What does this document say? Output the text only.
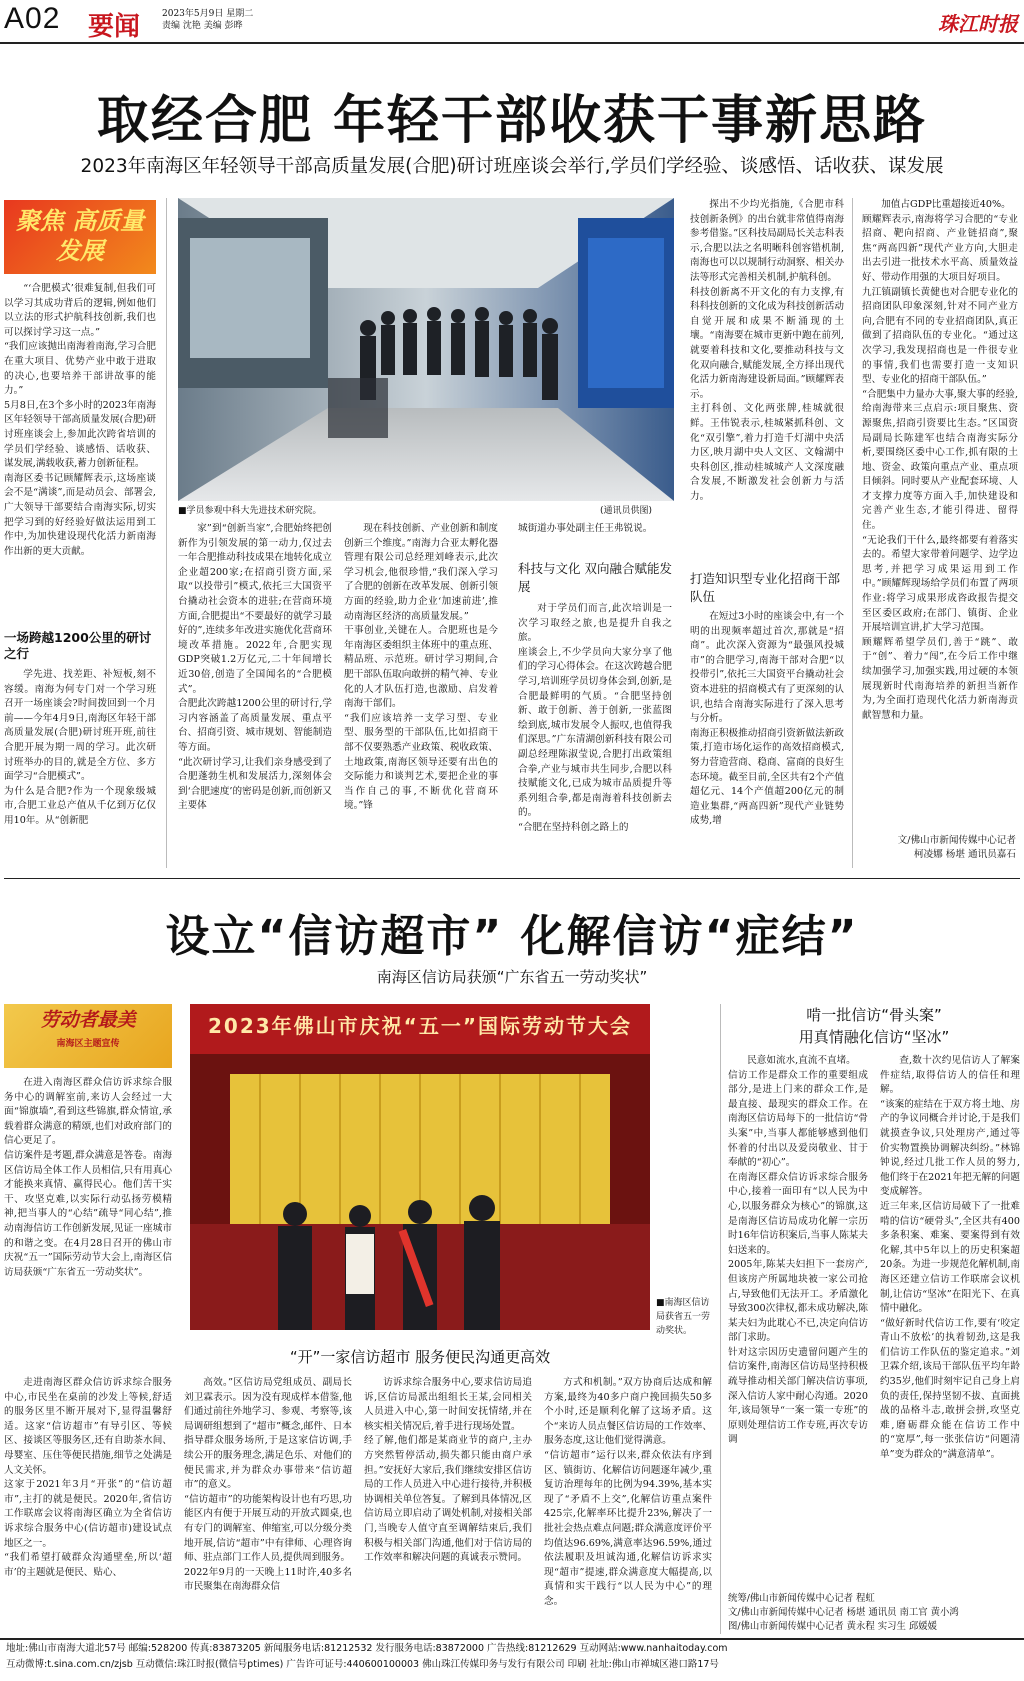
A02 要闻 2023年5月9日 星期二
责编 沈艳 美编 彭晔	珠江时报
取经合肥 年轻干部收获干事新思路
2023年南海区年轻领导干部高质量发展(合肥)研讨班座谈会举行,学员们学经验、谈感悟、话收获、谋发展
聚焦 高质量发展
■学员参观中科大先进技术研究院。	(通讯员供图)

“‘合肥模式’很难复制,但我们可以学习其成功背后的逻辑,例如他们以立法的形式护航科技创新,我们也可以探讨学习这一点。”
“我们应该抛出南海着南海,学习合肥在重大项目、优势产业中敢于进取的决心,也要培养干部讲故事的能力。”
5月8日,在3个多小时的2023年南海区年轻领导干部高质量发展(合肥)研讨班座谈会上,参加此次跨省培训的学员们学经验、谈感悟、话收获、谋发展,满载收获,蓄力创新征程。
南海区委书记顾耀辉表示,这场座谈会不是“满谈”,而是动员会、部署会,广大领导干部要结合南海实际,切实把学习到的好经验好做法运用到工作中,为加快建设现代化活力新南海作出新的更大贡献。

一场跨越1200公里的研讨之行

学先进、找差距、补短板,刻不容缓。南海为何专门对一个学习班召开一场座谈会?时间拨回到一个月前——今年4月9日,南海区年轻干部高质量发展(合肥)研讨班开班,前往合肥开展为期一周的学习。此次研讨班举办的目的,就是全方位、多方面学习“合肥模式”。
为什么是合肥?作为一个现象级城市,合肥工业总产值从千亿到万亿仅用10年。从“创新肥

家”到“创新当家”,合肥始终把创新作为引领发展的第一动力,仅过去一年合肥推动科技成果在地转化成立企业超200家;在招商引资方面,采取“以投带引”模式,依托三大国资平台撬动社会资本的进驻;在营商环境方面,合肥提出“不要最好的就学习最好的”,连续多年改进实施优化营商环境改革措施。2022年,合肥实现GDP突破1.2万亿元,二十年间增长近30倍,创造了全国闻名的“合肥模式”。
合肥此次跨越1200公里的研讨行,学习内容涵盖了高质量发展、重点平台、招商引资、城市规划、智能制造等方面。
“此次研讨学习,让我们亲身感受到了合肥蓬勃生机和发展活力,深刻体会到‘合肥速度’的密码是创新,而创新又主要体

现在科技创新、产业创新和制度创新三个维度。”南海力合亚太孵化器管理有限公司总经理刘峰表示,此次学习机会,他很珍惜,“我们深入学习了合肥的创新在改革发展、创新引领方面的经验,助力企业‘加速前进’,推动南海区经济的高质量发展。”
干事创业,关键在人。合肥班也是今年南海区委组织主体班中的重点班、精品班、示范班。研讨学习期间,合肥干部队伍取向敢拼的精气神、专业化的人才队伍打造,也激励、启发着南海干部们。
“我们应该培养一支学习型、专业型、服务型的干部队伍,比如招商干部不仅要熟悉产业政策、税收政策、土地政策,南海区领导还要有出色的交际能力和谈判艺术,要把企业的事当作自己的事,不断优化营商环境。”锋

城街道办事处副主任王弗锐说。

科技与文化 双向融合赋能发展

对于学员们而言,此次培训是一次学习取经之旅,也是提升自我之旅。
座谈会上,不少学员向大家分享了他们的学习心得体会。在这次跨越合肥学习,培训班学员切身体会到,创新,是合肥最鲜明的气质。“合肥坚持创新、敢于创新、善于创新,一张蓝图绘到底,城市发展令人振叹,也值得我们深思。”广东清湖创新科技有限公司副总经理陈淑莹说,合肥打出政策组合拳,产业与城市共生同步,合肥以科技赋能文化,已成为城市品质提升等系列组合拳,都是南海着科技创新去的。
“合肥在坚持科创之路上的

探出不少均光指施,《合肥市科技创新条例》的出台就非常值得南海参考借鉴。”区科技局副局长关志科表示,合肥以法之名明晰科创容错机制,南海也可以以规制行动洞察、相关办法等形式完善相关机制,护航科创。
科技创新离不开文化的有力支撑,有科科技创新的文化成为科技创新活动自觉开展和成果不断涌现的土壤。“南海要在城市更新中跑在前列,就要着科技和文化,要推动科技与文化双向融合,赋能发展,全方择出现代化活力新南海建设新局面。”顾耀辉表示。
主打科创、文化两张牌,桂城就很鲜。王伟锐表示,桂城紧抓科创、文化“双引擎”,着力打造千灯湖中央活力区,映月湖中央人文区、文翰湖中央科创区,推动桂城城产人文深度融合发展,不断激发社会创新力与活力。

打造知识型专业化招商干部队伍

在短过3小时的座谈会中,有一个明的出现频率超过首次,那就是“招商”。此次深入资源为“最强风投城市”的合肥学习,南海干部对合肥“以投带引”,依托三大国资平台撬动社会资本进驻的招商模式有了更深刻的认识,也结合南海实际进行了深入思考与分析。
南海正积极推动招商引资新做法新政策,打造市场化运作的高效招商模式,努力营造营商、稳商、富商的良好生态环境。截至目前,全区共有2个产值超亿元、14个产值超200亿元的制造业集群,“两高四新”现代产业链势成势,增

加值占GDP比重超接近40%。
顾耀辉表示,南海将学习合肥的“专业招商、靶向招商、产业链招商”,聚焦“两高四新”现代产业方向,大胆走出去引进一批技术水平高、质量效益好、带动作用强的大项目好项目。
九江镇副镇长黄健也对合肥专业化的招商团队印象深刻,针对不同产业方向,合肥有不同的专业招商团队,真正做到了招商队伍的专业化。“通过这次学习,我发现招商也是一件很专业的事情,我们也需要打造一支知识型、专业化的招商干部队伍。”
“合肥集中力量办大事,聚大事的经验,给南海带来三点启示:项目聚焦、资源聚焦,招商引资要比生态。”区国资局副局长陈建军也结合南海实际分析,要围绕区委中心工作,抓有限的土地、资金、政策向重点产业、重点项目倾斜。同时要从产业配套环境、人才支撑力度等方面入手,加快建设和完善产业生态,才能引得进、留得住。
“无论我们干什么,最终都要有着落实去的。希望大家带着问题学、边学边思考,并把学习成果运用到工作中。”顾耀辉现场给学员们布置了两项作业:将学习成果形成咨政报告提交至区委区政府;在部门、镇街、企业开展培训宣讲,扩大学习范围。
顾耀辉希望学员们,善于“跳”、敢于“创”、着力“闯”,在今后工作中继续加强学习,加强实践,用过硬的本领展现新时代南海培养的新担当新作为,为全面打造现代化活力新南海贡献智慧和力量。

文/佛山市新闻传媒中心记者
柯凌娜 杨堪 通讯员嘉石
设立“信访超市” 化解信访“症结”
南海区信访局获颁“广东省五一劳动奖状”
劳动者最美
南海区主题宣传

在进入南海区群众信访诉求综合服务中心的调解室前,来访人会经过一大面“锦旗墙”,看到这些锦旗,群众情谊,承载着群众满意的精颂,也们对政府部门的信心更足了。
信访案件是考题,群众满意是答卷。南海区信访局全体工作人员相信,只有用真心才能换来真情、赢得民心。他们苦干实干、攻坚克难,以实际行动弘扬劳模精神,把当事人的“心结”疏导“同心结”,推动南海信访工作创新发展,见证一座城市的和谐之变。在4月28日召开的佛山市庆祝“五一”国际劳动节大会上,南海区信访局获颁“广东省五一劳动奖状”。

2023年佛山市庆祝“五一”国际劳动节大会
■南海区信访局获省五一劳动奖状。
啃一批信访“骨头案”
用真情融化信访“坚冰”

民意如流水,直流不直堵。
信访工作是群众工作的重要组成部分,是进上门来的群众工作,是最直接、最现实的群众工作。在南海区信访局每下的一批信访“骨头案”中,当事人都能够感到他们怀着的付出以及爱岗敬业、甘于奉献的“初心”。
在南海区群众信访诉求综合服务中心,接着一面印有“以人民为中心,以服务群众为核心”的锦旗,这是南海区信访局成功化解一宗历时16年信访积案后,当事人陈某夫妇送来的。
2005年,陈某夫妇担下一套房产,但该房产所属地块被一家公司抢占,导致他们无法开工。矛盾激化导致300次律权,都未成功解决,陈某夫妇为此耽心不已,决定向信访部门求助。
针对这宗因历史遗留问题产生的信访案件,南海区信访局坚持积极疏导推动相关部门解决信访事项,深入信访人家中耐心沟通。2020年,该局领导“一案一策一专班”的原则处理信访工作专班,再次专访调

查,数十次约见信访人了解案件症结,取得信访人的信任和理解。
“该案的症结在于双方将土地、房产的争议同概合并讨论,于是我们就摸查争议,只处理房产,通过等价实物置换协调解决纠纷。”林锦钟说,经过几批工作人员的努力,他们终于在2021年把无解的问题变成解答。
近三年来,区信访局破下了一批难啃的信访“硬骨头”,全区共有400多条积案、难案、要案得到有效化解,其中5年以上的历史积案超20条。为进一步规范化解机制,南海区还建立信访工作联席会议机制,让信访“坚冰”在阳光下、在真情中融化。
“做好新时代信访工作,要有‘咬定青山不放松’的执着韧劲,这是我们信访工作队伍的鉴定追求。”刘卫霖介绍,该局干部队伍平均年龄约35岁,他们时刻牢记自己身上肩负的责任,保持坚韧不拔、直面挑战的品格斗志,敢拼会拼,攻坚克难,磨砺群众能在信访工作中的“宽厚”,每一张张信访“问题清单”变为群众的“满意清单”。

“开”一家信访超市 服务便民沟通更高效

走进南海区群众信访诉求综合服务中心,市民坐在桌前的沙发上等候,舒适的服务区里不断开展对下,显得温馨舒适。这家“信访超市”有导引区、等候区、接谈区等服务区,还有自助茶水间、母婴室、压住等便民措施,细节之处满是人文关怀。
这家于2021年3月“开张”的“信访超市”,主打的就是便民。2020年,省信访工作联席会议将南海区确立为全省信访诉求综合服务中心(信访超市)建设试点地区之一。
“我们希望打破群众沟通壁垒,所以‘超市’的主题就是便民、贴心、

高效。”区信访局党组成员、副局长刘卫霖表示。因为没有现成样本借鉴,他们通过前往外地学习、参观、考察等,该局调研组想到了“超市”概念,邮件、日本指导群众服务场所,于是这家信访调,手续公开的服务理念,满足色乐、对他们的便民需求,并为群众办事带来“信访超市”的意义。
“信访超市”的功能架构设计也有巧思,功能区内有便于开展互动的开放式圆桌,也有专门的调解室、伸缩室,可以分级分类地开展,信访“超市”中有律师、心理咨询师、驻点部门工作人员,提供周到服务。
2022年9月的一天晚上11时许,40多名市民聚集在南海群众信

访诉求综合服务中心,要求信访局追诉,区信访局派出组组长王某,会同相关人员进入中心,第一时间安抚情绪,并在核实相关情况后,着手进行现场处置。
经了解,他们都是某商业节的商户,主办方突然暂停活动,损失都只能由商户承担。”安抚好大家后,我们继续安排区信访局的工作人员进入中心进行接待,并积极协调相关单位答复。了解到具体情况,区信访局立即启动了调处机制,对接相关部门,当晚专人值守直至调解结束后,我们积极与相关部门沟通,他们对于信访局的工作效率和解决问题的真诚表示赞同。

方式和机制。”双方协商后达成和解方案,最终为40多户商户挽回损失50多个小时,还是顺利化解了这场矛盾。这个“来访人员点餐区信访局的工作效率、服务态度,这让他们觉得满意。
“信访超市”运行以来,群众依法有序到区、镇街访、化解信访问题逐年减少,重复访治理每年的比例为94.39%,基本实现了“矛盾不上交”,化解信访重点案件425宗,化解率环比提升23%,解决了一批社会热点难点问题;群众满意度评价平均值达96.69%,满意率达96.59%,通过依法履职及坦诚沟通,化解信访诉求实现“超市”提速,群众满意度大幅提高,以真情和实干践行“以人民为中心”的理念。	统筹/佛山市新闻传媒中心记者 程虹
文/佛山市新闻传媒中心记者 杨堪 通讯员 南工官 黄小鸿
图/佛山市新闻传媒中心记者 黄永程 实习生 邱媛媛
地址:佛山市南海大道北57号 邮编:528200 传真:83873205 新闻服务电话:81212532 发行服务电话:83872000 广告热线:81212629 互动网站:www.nanhaitoday.com
互动微博:t.sina.com.cn/zjsb 互动微信:珠江时报(微信号ptimes) 广告许可证号:440600100003 佛山珠江传媒印务与发行有限公司 印刷 社址:佛山市禅城区港口路17号
